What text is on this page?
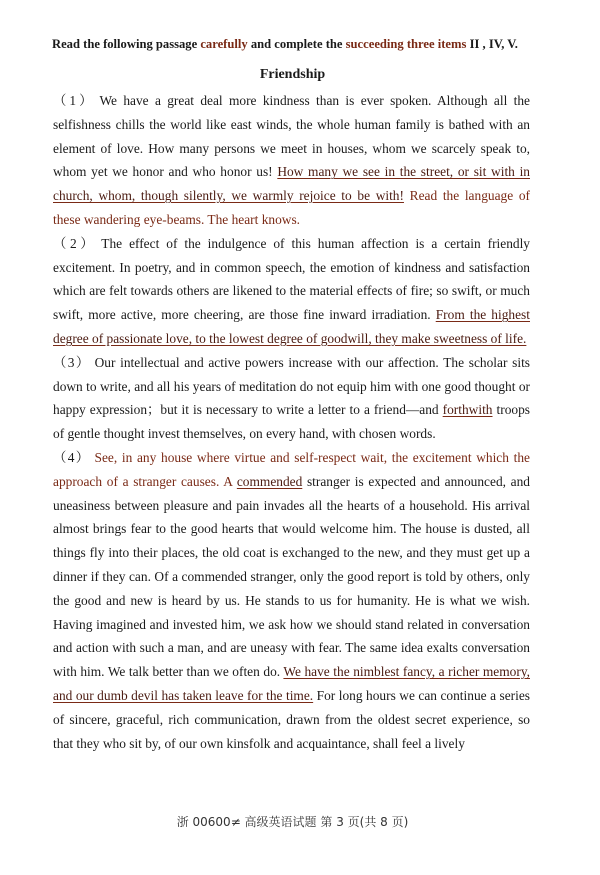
Read the following passage carefully and complete the succeeding three items II , IV, V.
Friendship

（1） We have a great deal more kindness than is ever spoken. Although all the selfishness chills the world like east winds, the whole human family is bathed with an element of love. How many persons we meet in houses, whom we scarcely speak to, whom yet we honor and who honor us! How many we see in the street, or sit with in church, whom, though silently, we warmly rejoice to be with! Read the language of these wandering eye-beams. The heart knows.

（2） The effect of the indulgence of this human affection is a certain friendly excitement. In poetry, and in common speech, the emotion of kindness and satisfaction which are felt towards others are likened to the material effects of fire; so swift, or much swift, more active, more cheering, are those fine inward irradiation. From the highest degree of passionate love, to the lowest degree of goodwill, they make sweetness of life.

（3） Our intellectual and active powers increase with our affection. The scholar sits down to write, and all his years of meditation do not equip him with one good thought or happy expression；but it is necessary to write a letter to a friend—and forthwith troops of gentle thought invest themselves, on every hand, with chosen words.

（4） See, in any house where virtue and self-respect wait, the excitement which the approach of a stranger causes. A commended stranger is expected and announced, and uneasiness between pleasure and pain invades all the hearts of a household. His arrival almost brings fear to the good hearts that would welcome him. The house is dusted, all things fly into their places, the old coat is exchanged to the new, and they must get up a dinner if they can. Of a commended stranger, only the good report is told by others, only the good and new is heard by us. He stands to us for humanity. He is what we wish. Having imagined and invested him, we ask how we should stand related in conversation and action with such a man, and are uneasy with fear. The same idea exalts conversation with him. We talk better than we often do. We have the nimblest fancy, a richer memory, and our dumb devil has taken leave for the time. For long hours we can continue a series of sincere, graceful, rich communication, drawn from the oldest secret experience, so that they who sit by, of our own kinsfolk and acquaintance, shall feel a lively

浙 00600≠ 高级英语试题 第 3 页(共 8 页)
